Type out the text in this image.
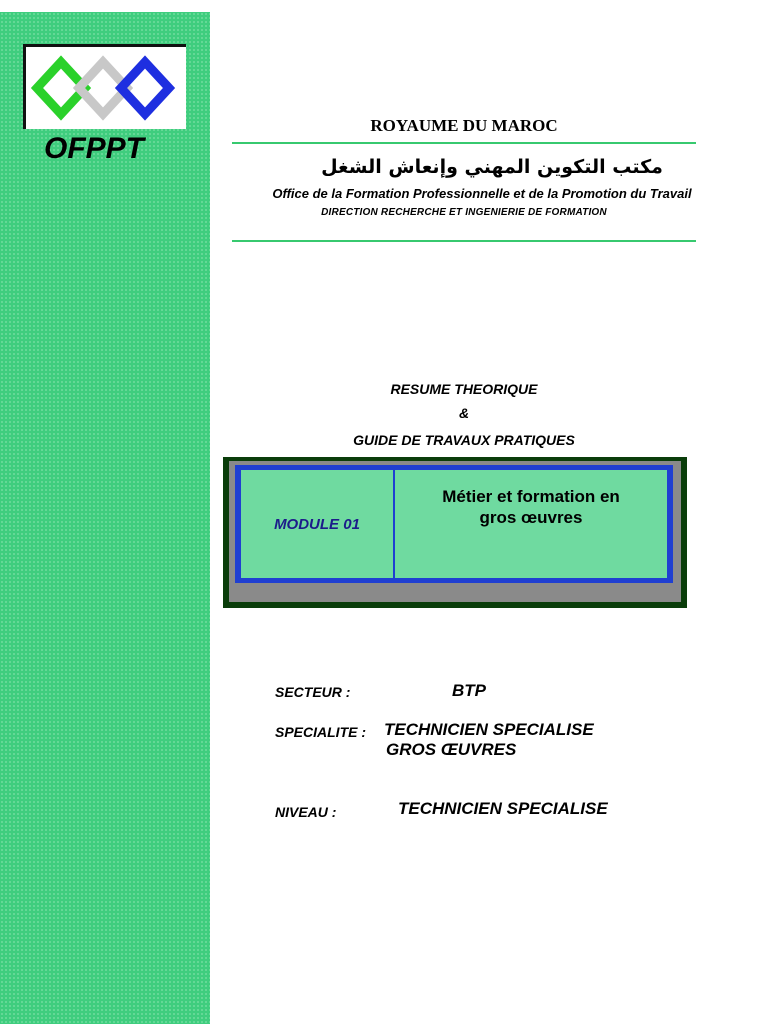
OFPPT
ROYAUME DU MAROC
مكتب التكوين المهني وإنعاش الشغل
Office de la Formation Professionnelle et de la Promotion du Travail
DIRECTION RECHERCHE ET INGENIERIE DE FORMATION
RESUME THEORIQUE
&
GUIDE DE TRAVAUX PRATIQUES
MODULE 01
Métier et formation en
gros œuvres
SECTEUR :	BTP
SPECIALITE : TECHNICIEN SPECIALISE
GROS ŒUVRES
NIVEAU :	TECHNICIEN SPECIALISE
